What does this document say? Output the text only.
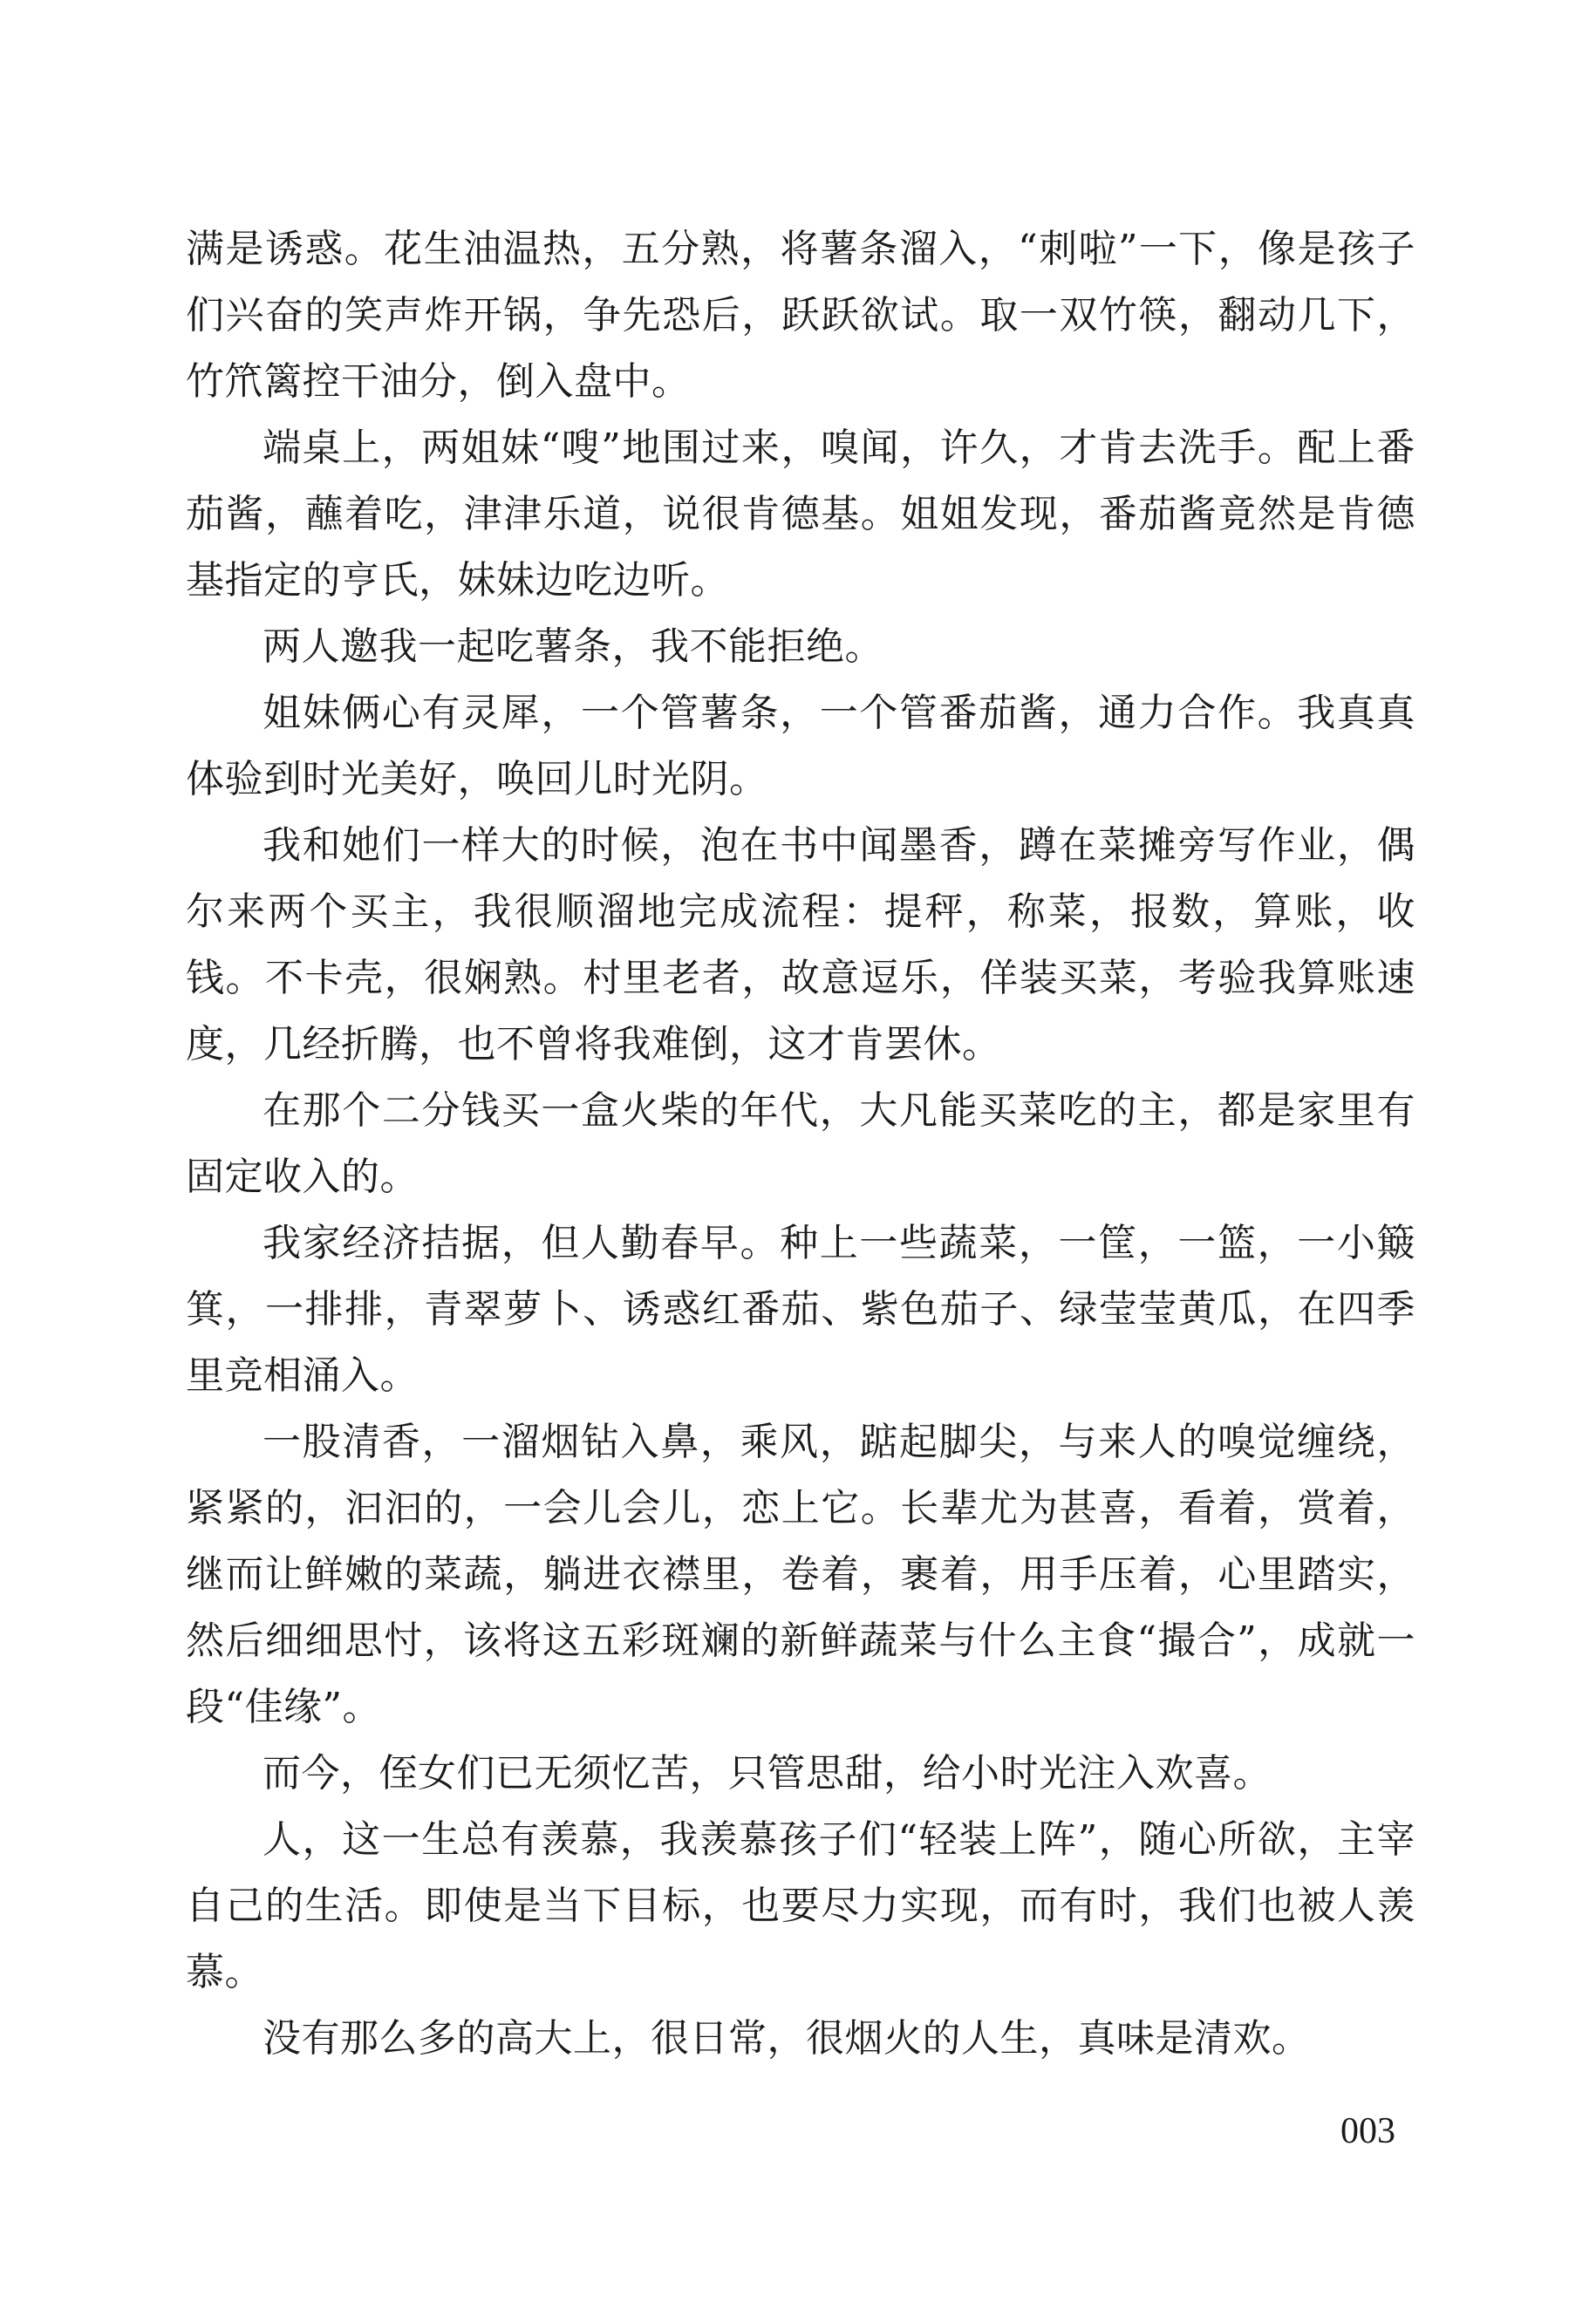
满是诱惑。花生油温热，五分熟，将薯条溜入，“刺啦”一下，像是孩子们兴奋的笑声炸开锅，争先恐后，跃跃欲试。取一双竹筷，翻动几下，竹笊篱控干油分，倒入盘中。

端桌上，两姐妹“嗖”地围过来，嗅闻，许久，才肯去洗手。配上番茄酱，蘸着吃，津津乐道，说很肯德基。姐姐发现，番茄酱竟然是肯德基指定的亨氏，妹妹边吃边听。

两人邀我一起吃薯条，我不能拒绝。

姐妹俩心有灵犀，一个管薯条，一个管番茄酱，通力合作。我真真体验到时光美好，唤回儿时光阴。

我和她们一样大的时候，泡在书中闻墨香，蹲在菜摊旁写作业，偶尔来两个买主，我很顺溜地完成流程：提秤，称菜，报数，算账，收钱。不卡壳，很娴熟。村里老者，故意逗乐，佯装买菜，考验我算账速度，几经折腾，也不曾将我难倒，这才肯罢休。

在那个二分钱买一盒火柴的年代，大凡能买菜吃的主，都是家里有固定收入的。

我家经济拮据，但人勤春早。种上一些蔬菜，一筐，一篮，一小簸箕，一排排，青翠萝卜、诱惑红番茄、紫色茄子、绿莹莹黄瓜，在四季里竞相涌入。

一股清香，一溜烟钻入鼻，乘风，踮起脚尖，与来人的嗅觉缠绕，紧紧的，汩汩的，一会儿会儿，恋上它。长辈尤为甚喜，看着，赏着，继而让鲜嫩的菜蔬，躺进衣襟里，卷着，裹着，用手压着，心里踏实，然后细细思忖，该将这五彩斑斓的新鲜蔬菜与什么主食“撮合”，成就一段“佳缘”。

而今，侄女们已无须忆苦，只管思甜，给小时光注入欢喜。

人，这一生总有羡慕，我羡慕孩子们“轻装上阵”，随心所欲，主宰自己的生活。即使是当下目标，也要尽力实现，而有时，我们也被人羡慕。

没有那么多的高大上，很日常，很烟火的人生，真味是清欢。

003
